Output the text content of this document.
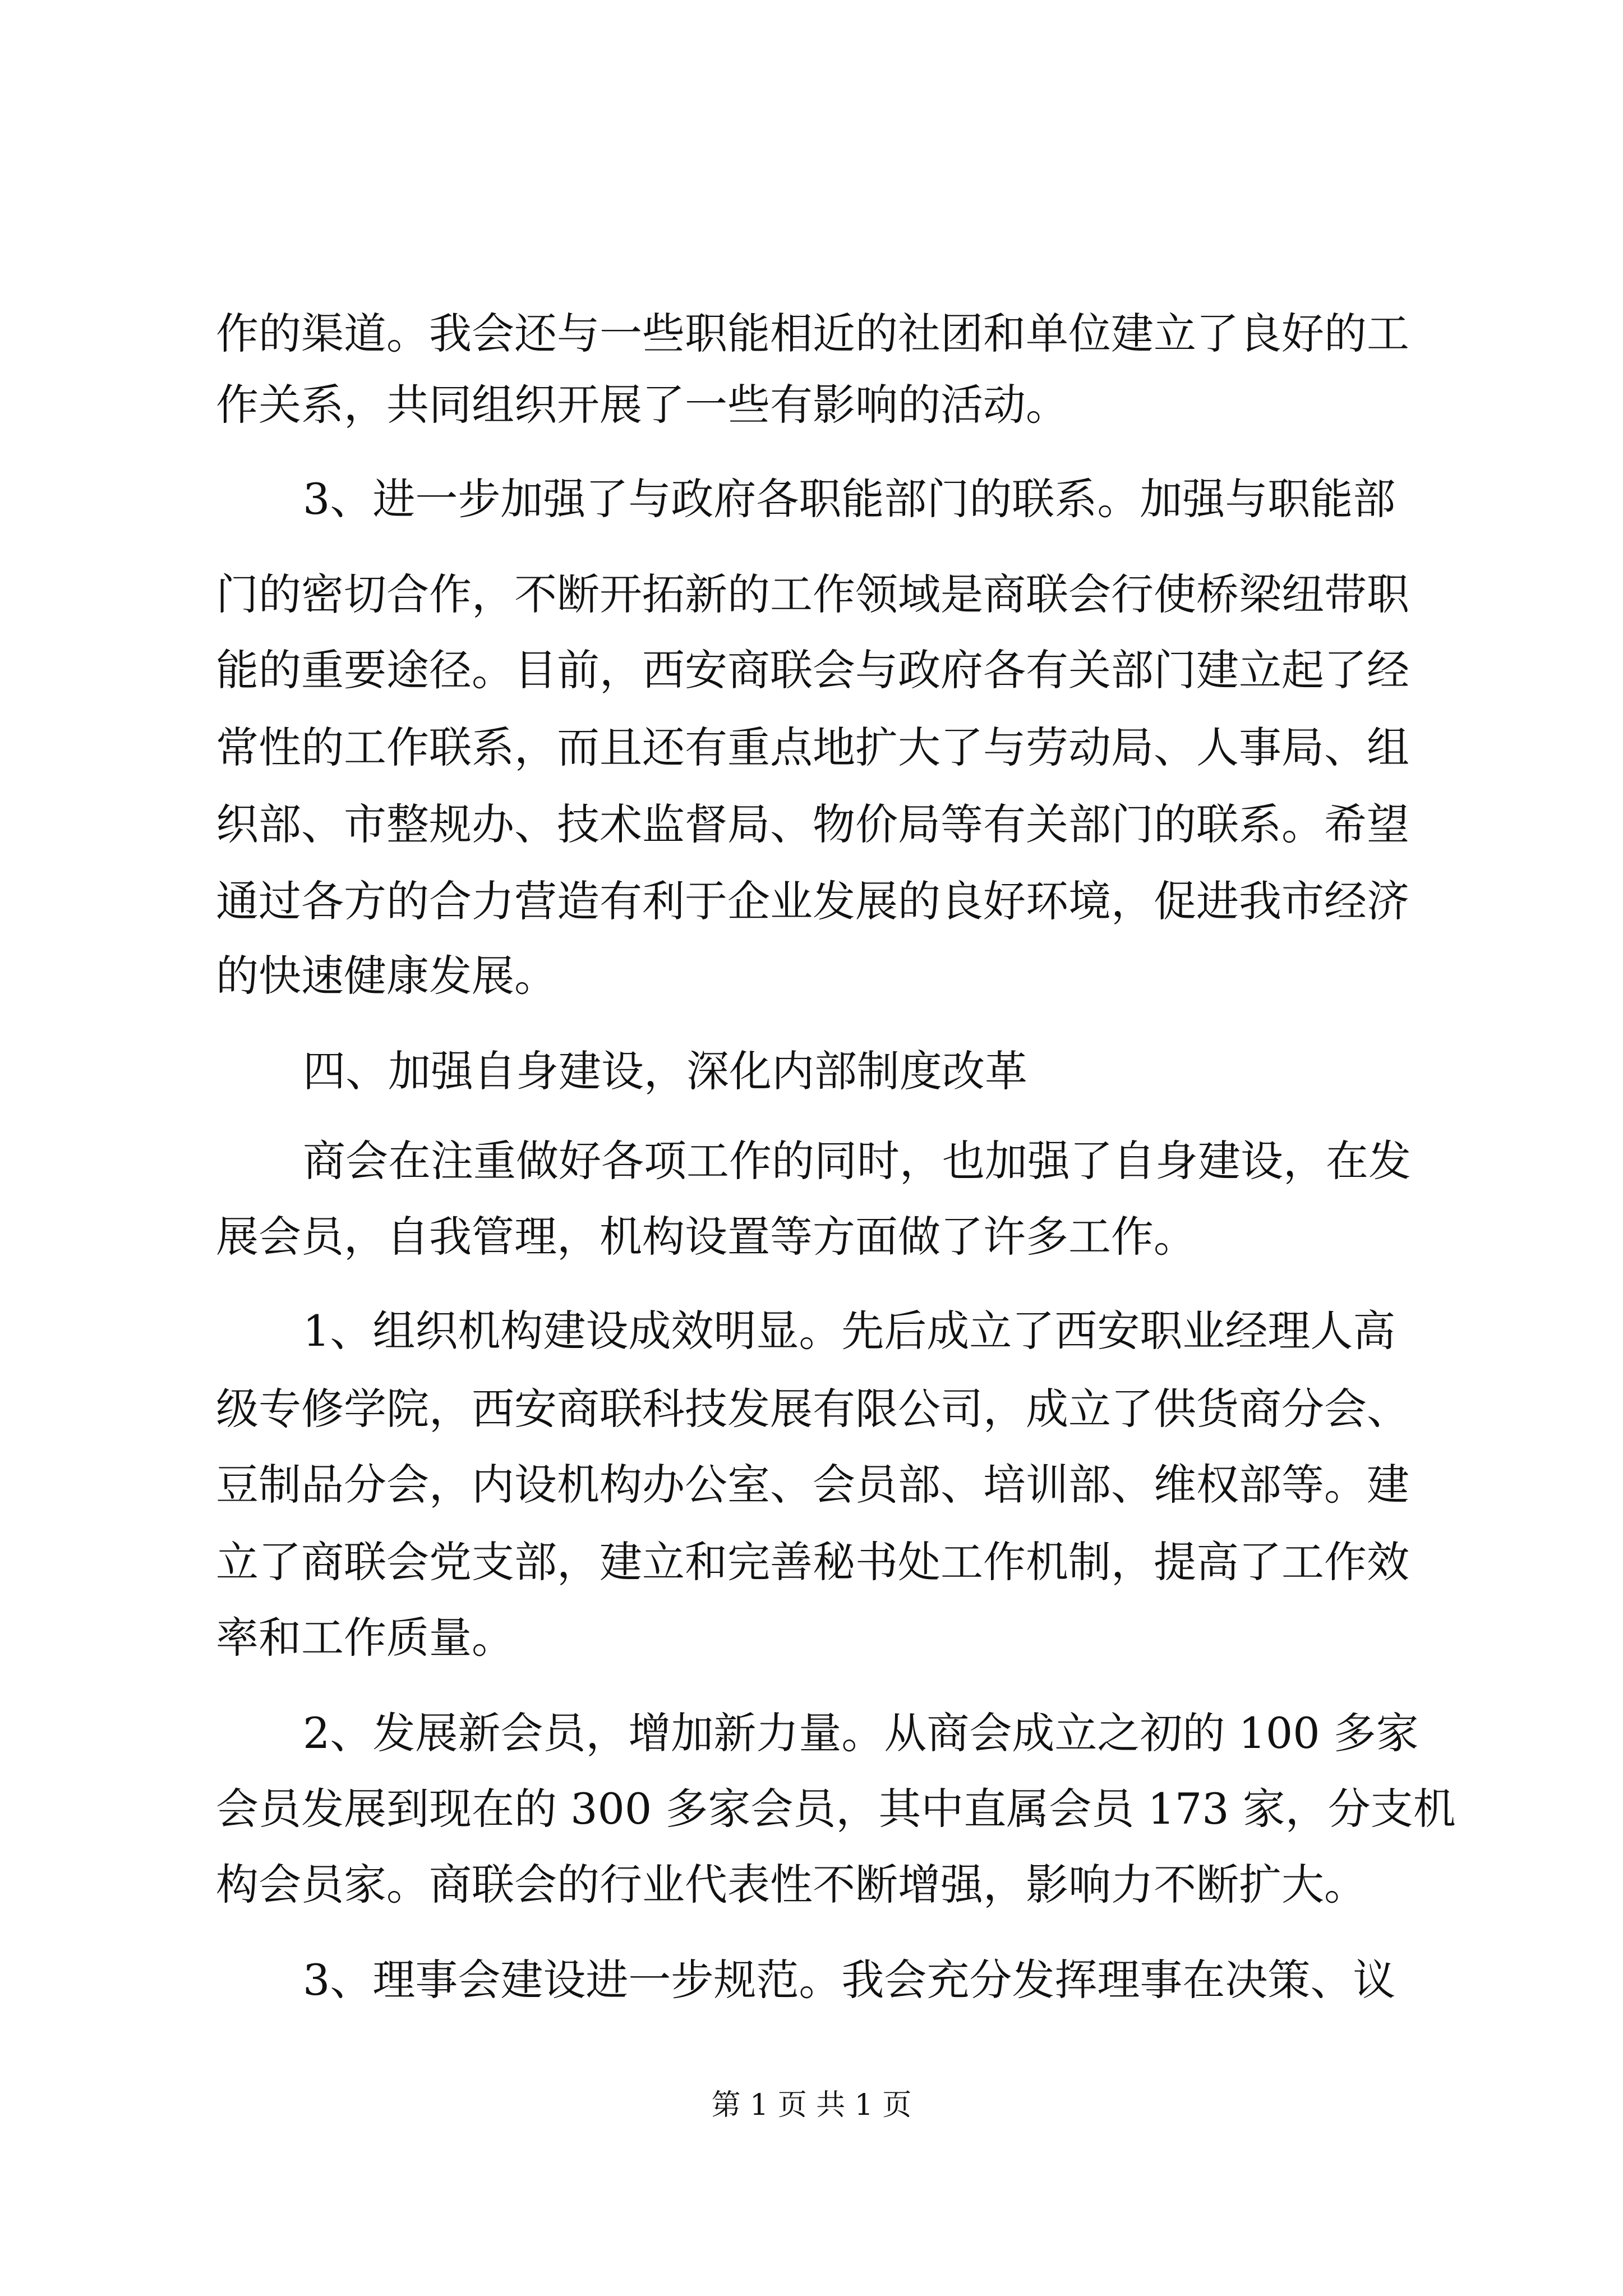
作的渠道。我会还与一些职能相近的社团和单位建立了良好的工
作关系，共同组织开展了一些有影响的活动。
3、进一步加强了与政府各职能部门的联系。加强与职能部
门的密切合作，不断开拓新的工作领域是商联会行使桥梁纽带职
能的重要途径。目前，西安商联会与政府各有关部门建立起了经
常性的工作联系，而且还有重点地扩大了与劳动局、人事局、组
织部、市整规办、技术监督局、物价局等有关部门的联系。希望
通过各方的合力营造有利于企业发展的良好环境，促进我市经济
的快速健康发展。
四、加强自身建设，深化内部制度改革
商会在注重做好各项工作的同时，也加强了自身建设，在发
展会员，自我管理，机构设置等方面做了许多工作。
1、组织机构建设成效明显。先后成立了西安职业经理人高
级专修学院，西安商联科技发展有限公司，成立了供货商分会、
豆制品分会，内设机构办公室、会员部、培训部、维权部等。建
立了商联会党支部，建立和完善秘书处工作机制，提高了工作效
率和工作质量。
2、发展新会员，增加新力量。从商会成立之初的 100 多家
会员发展到现在的 300 多家会员，其中直属会员 173 家，分支机
构会员家。商联会的行业代表性不断增强，影响力不断扩大。
3、理事会建设进一步规范。我会充分发挥理事在决策、议
第 1 页 共 1 页
